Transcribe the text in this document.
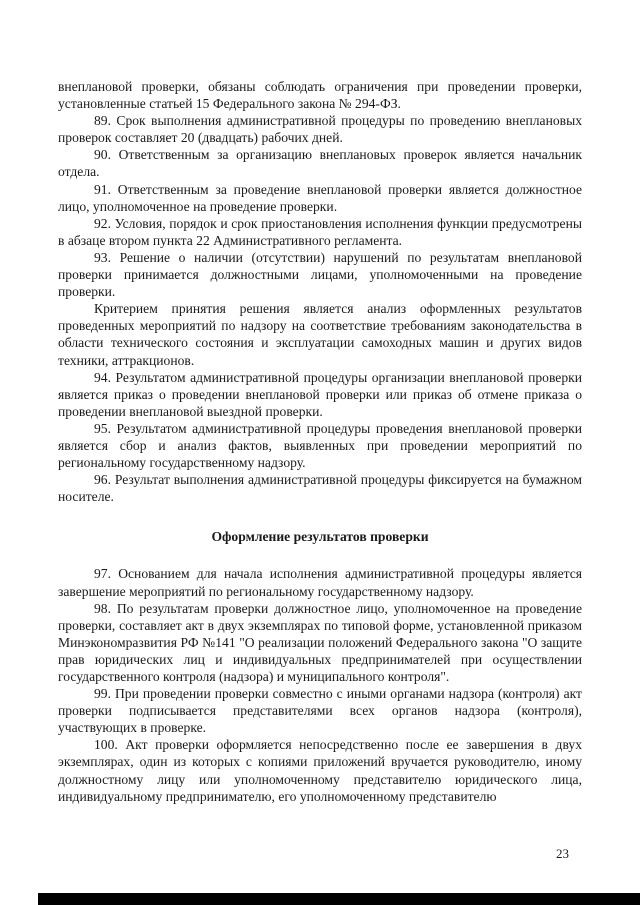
внеплановой проверки, обязаны соблюдать ограничения при проведении проверки, установленные статьей 15 Федерального закона № 294-ФЗ.

89. Срок выполнения административной процедуры по проведению внеплановых проверок составляет 20 (двадцать) рабочих дней.

90. Ответственным за организацию внеплановых проверок является начальник отдела.

91. Ответственным за проведение внеплановой проверки является должностное лицо, уполномоченное на проведение проверки.

92. Условия, порядок и срок приостановления исполнения функции предусмотрены в абзаце втором пункта 22 Административного регламента.

93. Решение о наличии (отсутствии) нарушений по результатам внеплановой проверки принимается должностными лицами, уполномоченными на проведение проверки.

Критерием принятия решения является анализ оформленных результатов проведенных мероприятий по надзору на соответствие требованиям законодательства в области технического состояния и эксплуатации самоходных машин и других видов техники, аттракционов.

94. Результатом административной процедуры организации внеплановой проверки является приказ о проведении внеплановой проверки или приказ об отмене приказа о проведении внеплановой выездной проверки.

95. Результатом административной процедуры проведения внеплановой проверки является сбор и анализ фактов, выявленных при проведении мероприятий по региональному государственному надзору.

96. Результат выполнения административной процедуры фиксируется на бумажном носителе.

Оформление результатов проверки

97. Основанием для начала исполнения административной процедуры является завершение мероприятий по региональному государственному надзору.

98. По результатам проверки должностное лицо, уполномоченное на проведение проверки, составляет акт в двух экземплярах по типовой форме, установленной приказом Минэкономразвития РФ №141 "О реализации положений Федерального закона "О защите прав юридических лиц и индивидуальных предпринимателей при осуществлении государственного контроля (надзора) и муниципального контроля".

99. При проведении проверки совместно с иными органами надзора (контроля) акт проверки подписывается представителями всех органов надзора (контроля), участвующих в проверке.

100. Акт проверки оформляется непосредственно после ее завершения в двух экземплярах, один из которых с копиями приложений вручается руководителю, иному должностному лицу или уполномоченному представителю юридического лица, индивидуальному предпринимателю, его уполномоченному представителю

23
